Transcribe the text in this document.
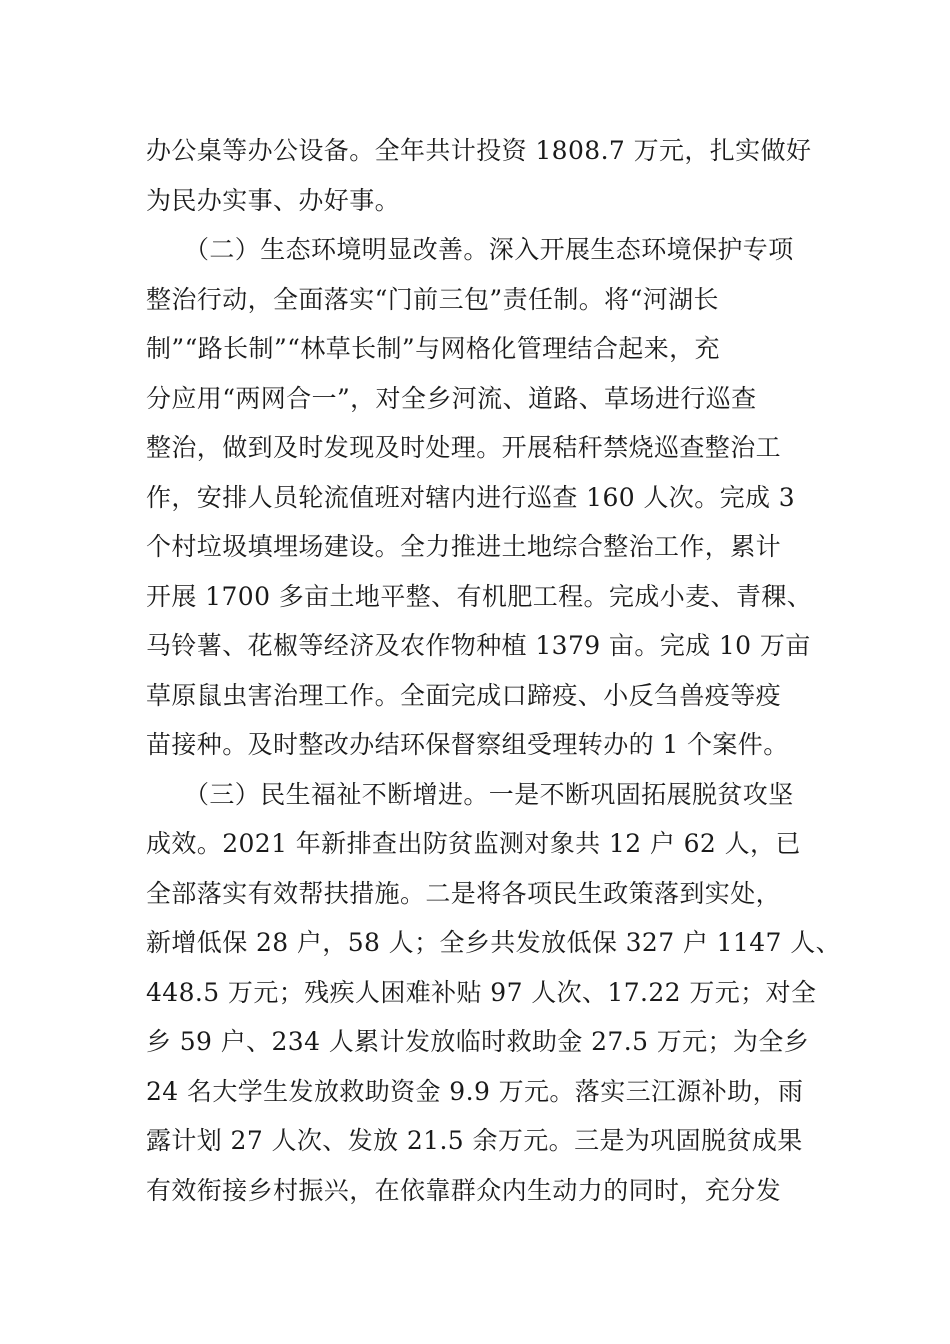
办公桌等办公设备。全年共计投资 1808.7 万元，扎实做好
为民办实事、办好事。
（二）生态环境明显改善。深入开展生态环境保护专项
整治行动，全面落实“门前三包”责任制。将“河湖长
制”“路长制”“林草长制”与网格化管理结合起来，充
分应用“两网合一”，对全乡河流、道路、草场进行巡查
整治，做到及时发现及时处理。开展秸秆禁烧巡查整治工
作，安排人员轮流值班对辖内进行巡查 160 人次。完成 3
个村垃圾填埋场建设。全力推进土地综合整治工作，累计
开展 1700 多亩土地平整、有机肥工程。完成小麦、青稞、
马铃薯、花椒等经济及农作物种植 1379 亩。完成 10 万亩
草原鼠虫害治理工作。全面完成口蹄疫、小反刍兽疫等疫
苗接种。及时整改办结环保督察组受理转办的 1 个案件。
（三）民生福祉不断增进。一是不断巩固拓展脱贫攻坚
成效。2021 年新排查出防贫监测对象共 12 户 62 人，已
全部落实有效帮扶措施。二是将各项民生政策落到实处，
新增低保 28 户，58 人；全乡共发放低保 327 户 1147 人、
448.5 万元；残疾人困难补贴 97 人次、17.22 万元；对全
乡 59 户、234 人累计发放临时救助金 27.5 万元；为全乡
24 名大学生发放救助资金 9.9 万元。落实三江源补助，雨
露计划 27 人次、发放 21.5 余万元。三是为巩固脱贫成果
有效衔接乡村振兴，在依靠群众内生动力的同时，充分发
